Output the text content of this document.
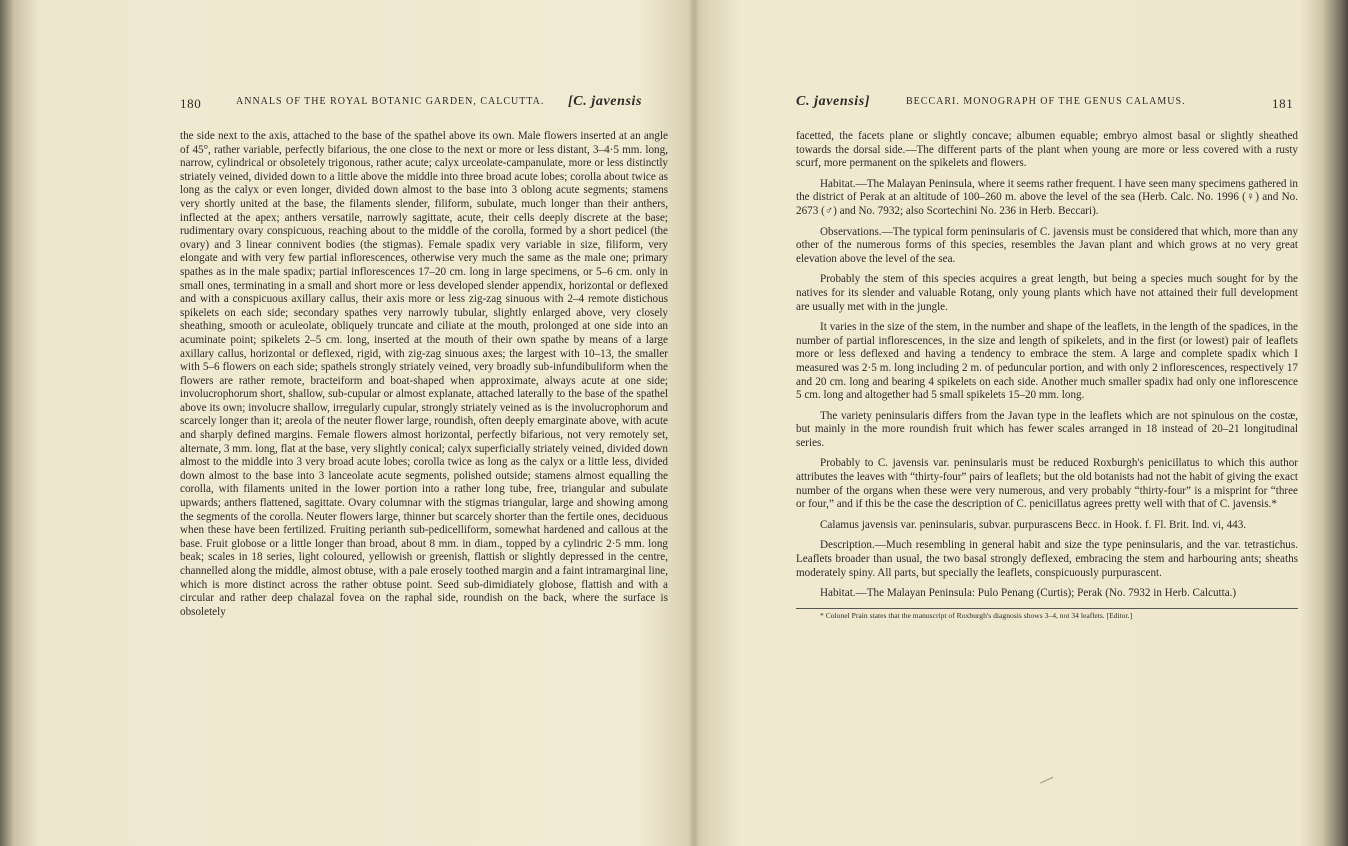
180	ANNALS OF THE ROYAL BOTANIC GARDEN, CALCUTTA. [C. javensis

the side next to the axis, attached to the base of the spathel above its own. Male flowers inserted at an angle of 45°, rather variable, perfectly bifarious, the one close to the next or more or less distant, 3–4·5 mm. long, narrow, cylindrical or obsoletely trigonous, rather acute; calyx urceolate-campanulate, more or less distinctly striately veined, divided down to a little above the middle into three broad acute lobes; corolla about twice as long as the calyx or even longer, divided down almost to the base into 3 oblong acute segments; stamens very shortly united at the base, the filaments slender, filiform, subulate, much longer than their anthers, inflected at the apex; anthers versatile, narrowly sagittate, acute, their cells deeply discrete at the base; rudimentary ovary conspicuous, reaching about to the middle of the corolla, formed by a short pedicel (the ovary) and 3 linear connivent bodies (the stigmas). Female spadix very variable in size, filiform, very elongate and with very few partial inflorescences, otherwise very much the same as the male one; primary spathes as in the male spadix; partial inflorescences 17–20 cm. long in large specimens, or 5–6 cm. only in small ones, terminating in a small and short more or less developed slender appendix, horizontal or deflexed and with a conspicuous axillary callus, their axis more or less zig-zag sinuous with 2–4 remote distichous spikelets on each side; secondary spathes very narrowly tubular, slightly enlarged above, very closely sheathing, smooth or aculeolate, obliquely truncate and ciliate at the mouth, prolonged at one side into an acuminate point; spikelets 2–5 cm. long, inserted at the mouth of their own spathe by means of a large axillary callus, horizontal or deflexed, rigid, with zig-zag sinuous axes; the largest with 10–13, the smaller with 5–6 flowers on each side; spathels strongly striately veined, very broadly sub-infundibuliform when the flowers are rather remote, bracteiform and boat-shaped when approximate, always acute at one side; involucrophorum short, shallow, sub-cupular or almost explanate, attached laterally to the base of the spathel above its own; involucre shallow, irregularly cupular, strongly striately veined as is the involucrophorum and scarcely longer than it; areola of the neuter flower large, roundish, often deeply emarginate above, with acute and sharply defined margins. Female flowers almost horizontal, perfectly bifarious, not very remotely set, alternate, 3 mm. long, flat at the base, very slightly conical; calyx superficially striately veined, divided down almost to the middle into 3 very broad acute lobes; corolla twice as long as the calyx or a little less, divided down almost to the base into 3 lanceolate acute segments, polished outside; stamens almost equalling the corolla, with filaments united in the lower portion into a rather long tube, free, triangular and subulate upwards; anthers flattened, sagittate. Ovary columnar with the stigmas triangular, large and showing among the segments of the corolla. Neuter flowers large, thinner but scarcely shorter than the fertile ones, deciduous when these have been fertilized. Fruiting perianth sub-pedicelliform, somewhat hardened and callous at the base. Fruit globose or a little longer than broad, about 8 mm. in diam., topped by a cylindric 2·5 mm. long beak; scales in 18 series, light coloured, yellowish or greenish, flattish or slightly depressed in the centre, channelled along the middle, almost obtuse, with a pale erosely toothed margin and a faint intramarginal line, which is more distinct across the rather obtuse point. Seed sub-dimidiately globose, flattish and with a circular and rather deep chalazal fovea on the raphal side, roundish on the back, where the surface is obsoletely

C. javensis]	BECCARI. MONOGRAPH OF THE GENUS CALAMUS.	181

facetted, the facets plane or slightly concave; albumen equable; embryo almost basal or slightly sheathed towards the dorsal side.—The different parts of the plant when young are more or less covered with a rusty scurf, more permanent on the spikelets and flowers.

Habitat.—The Malayan Peninsula, where it seems rather frequent. I have seen many specimens gathered in the district of Perak at an altitude of 100–260 m. above the level of the sea (Herb. Calc. No. 1996 (♀) and No. 2673 (♂) and No. 7932; also Scortechini No. 236 in Herb. Beccari).

Observations.—The typical form peninsularis of C. javensis must be considered that which, more than any other of the numerous forms of this species, resembles the Javan plant and which grows at no very great elevation above the level of the sea.

Probably the stem of this species acquires a great length, but being a species much sought for by the natives for its slender and valuable Rotang, only young plants which have not attained their full development are usually met with in the jungle.

It varies in the size of the stem, in the number and shape of the leaflets, in the length of the spadices, in the number of partial inflorescences, in the size and length of spikelets, and in the first (or lowest) pair of leaflets more or less deflexed and having a tendency to embrace the stem. A large and complete spadix which I measured was 2·5 m. long including 2 m. of peduncular portion, and with only 2 inflorescences, respectively 17 and 20 cm. long and bearing 4 spikelets on each side. Another much smaller spadix had only one inflorescence 5 cm. long and altogether had 5 small spikelets 15–20 mm. long.

The variety peninsularis differs from the Javan type in the leaflets which are not spinulous on the costæ, but mainly in the more roundish fruit which has fewer scales arranged in 18 instead of 20–21 longitudinal series.

Probably to C. javensis var. peninsularis must be reduced Roxburgh's penicillatus to which this author attributes the leaves with “thirty-four” pairs of leaflets; but the old botanists had not the habit of giving the exact number of the organs when these were very numerous, and very probably “thirty-four” is a misprint for “three or four,” and if this be the case the description of C. penicillatus agrees pretty well with that of C. javensis.*

Calamus javensis var. peninsularis, subvar. purpurascens Becc. in Hook. f. Fl. Brit. Ind. vi, 443.

Description.—Much resembling in general habit and size the type peninsularis, and the var. tetrastichus. Leaflets broader than usual, the two basal strongly deflexed, embracing the stem and harbouring ants; sheaths moderately spiny. All parts, but specially the leaflets, conspicuously purpurascent.

Habitat.—The Malayan Peninsula: Pulo Penang (Curtis); Perak (No. 7932 in Herb. Calcutta.)

* Colonel Prain states that the manuscript of Roxburgh's diagnosis shows 3–4, not 34 leaflets. [Editor.]
